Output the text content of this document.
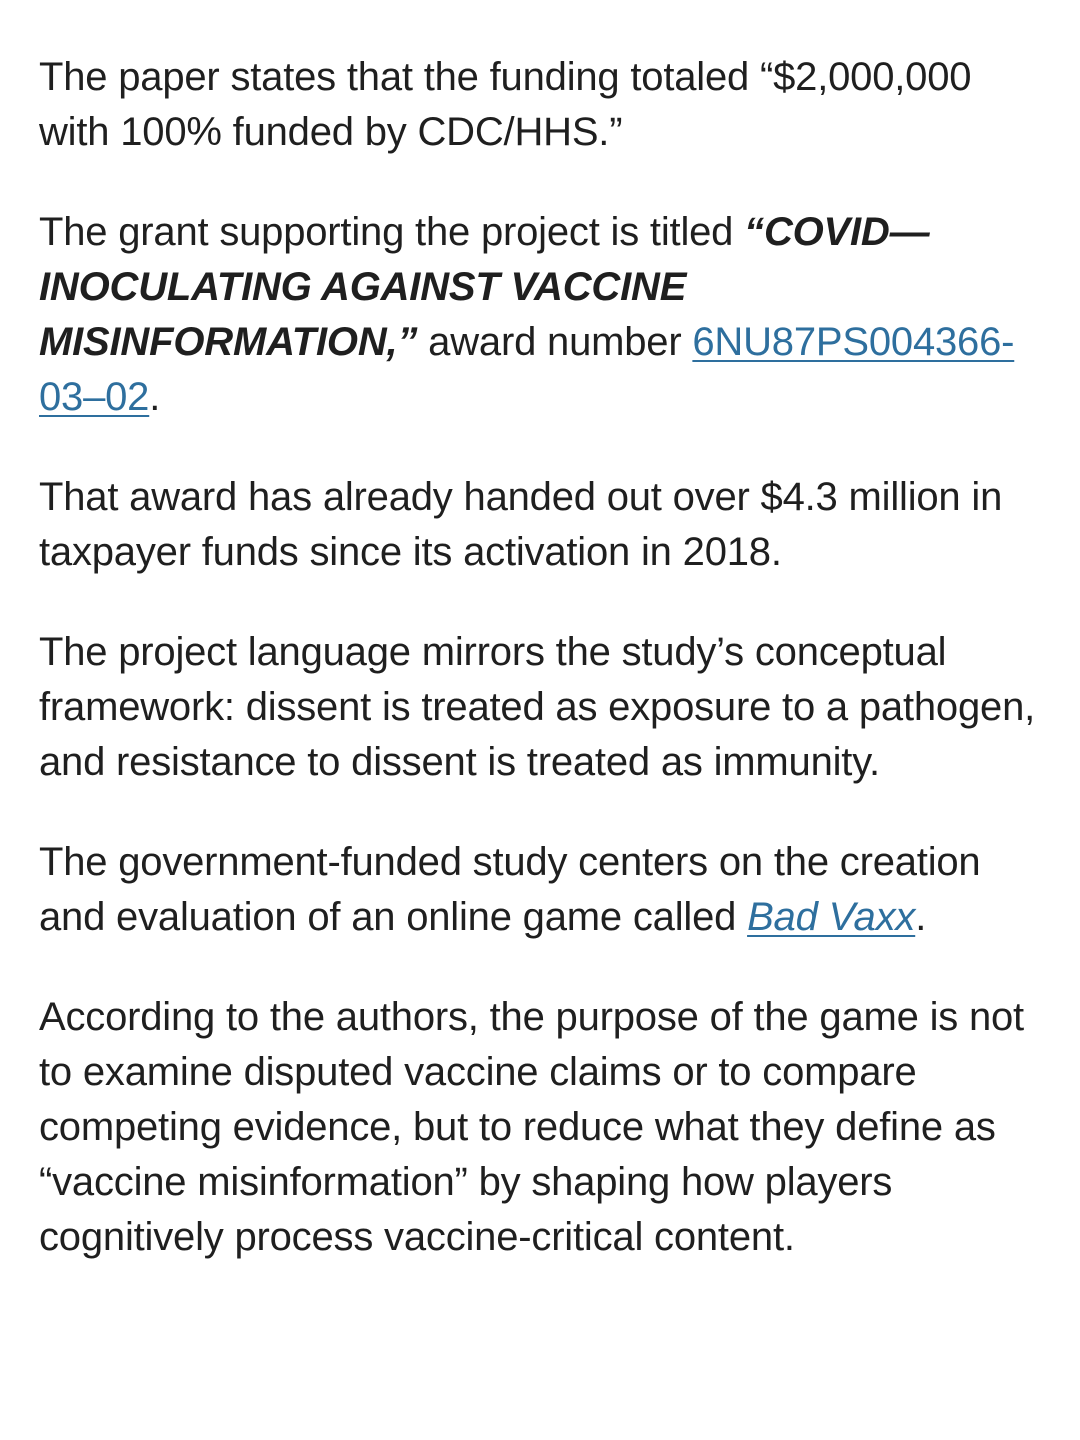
The paper states that the funding totaled “$2,000,000 with 100% funded by CDC/HHS.”

The grant supporting the project is titled “COVID—INOCULATING AGAINST VACCINE MISINFORMATION,” award number 6NU87PS004366-03–02.

That award has already handed out over $4.3 million in taxpayer funds since its activation in 2018.

The project language mirrors the study’s conceptual framework: dissent is treated as exposure to a pathogen, and resistance to dissent is treated as immunity.

The government-funded study centers on the creation and evaluation of an online game called Bad Vaxx.

According to the authors, the purpose of the game is not to examine disputed vaccine claims or to compare competing evidence, but to reduce what they define as “vaccine misinformation” by shaping how players cognitively process vaccine-critical content.
